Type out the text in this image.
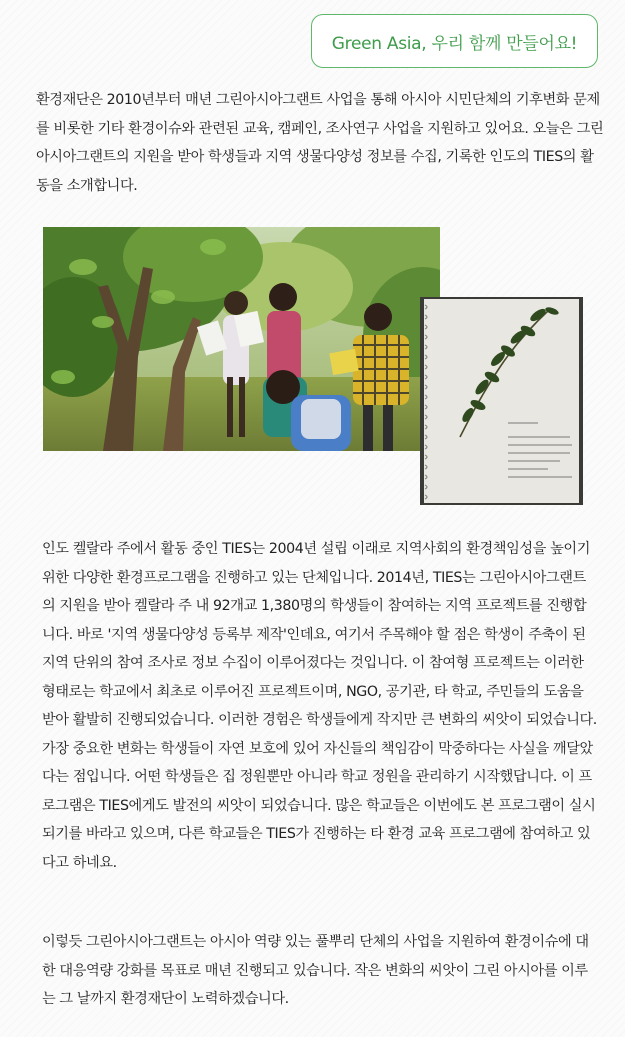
Green Asia, 우리 함께 만들어요!

환경재단은 2010년부터 매년 그린아시아그랜트 사업을 통해 아시아 시민단체의 기후변화 문제를 비롯한 기타 환경이슈와 관련된 교육, 캠페인, 조사연구 사업을 지원하고 있어요. 오늘은 그린아시아그랜트의 지원을 받아 학생들과 지역 생물다양성 정보를 수집, 기록한 인도의 TIES의 활동을 소개합니다.

인도 켈랄라 주에서 활동 중인 TIES는 2004년 설립 이래로 지역사회의 환경책임성을 높이기 위한 다양한 환경프로그램을 진행하고 있는 단체입니다. 2014년, TIES는 그린아시아그랜트의 지원을 받아 켈랄라 주 내 92개교 1,380명의 학생들이 참여하는 지역 프로젝트를 진행합니다. 바로 '지역 생물다양성 등록부 제작'인데요, 여기서 주목해야 할 점은 학생이 주축이 된 지역 단위의 참여 조사로 정보 수집이 이루어졌다는 것입니다. 이 참여형 프로젝트는 이러한 형태로는 학교에서 최초로 이루어진 프로젝트이며, NGO, 공기관, 타 학교, 주민들의 도움을 받아 활발히 진행되었습니다. 이러한 경험은 학생들에게 작지만 큰 변화의 씨앗이 되었습니다. 가장 중요한 변화는 학생들이 자연 보호에 있어 자신들의 책임감이 막중하다는 사실을 깨달았다는 점입니다. 어떤 학생들은 집 정원뿐만 아니라 학교 정원을 관리하기 시작했답니다. 이 프로그램은 TIES에게도 발전의 씨앗이 되었습니다. 많은 학교들은 이번에도 본 프로그램이 실시되기를 바라고 있으며, 다른 학교들은 TIES가 진행하는 타 환경 교육 프로그램에 참여하고 있다고 하네요.

이렇듯 그린아시아그랜트는 아시아 역량 있는 풀뿌리 단체의 사업을 지원하여 환경이슈에 대한 대응역량 강화를 목표로 매년 진행되고 있습니다. 작은 변화의 씨앗이 그린 아시아를 이루는 그 날까지 환경재단이 노력하겠습니다.
